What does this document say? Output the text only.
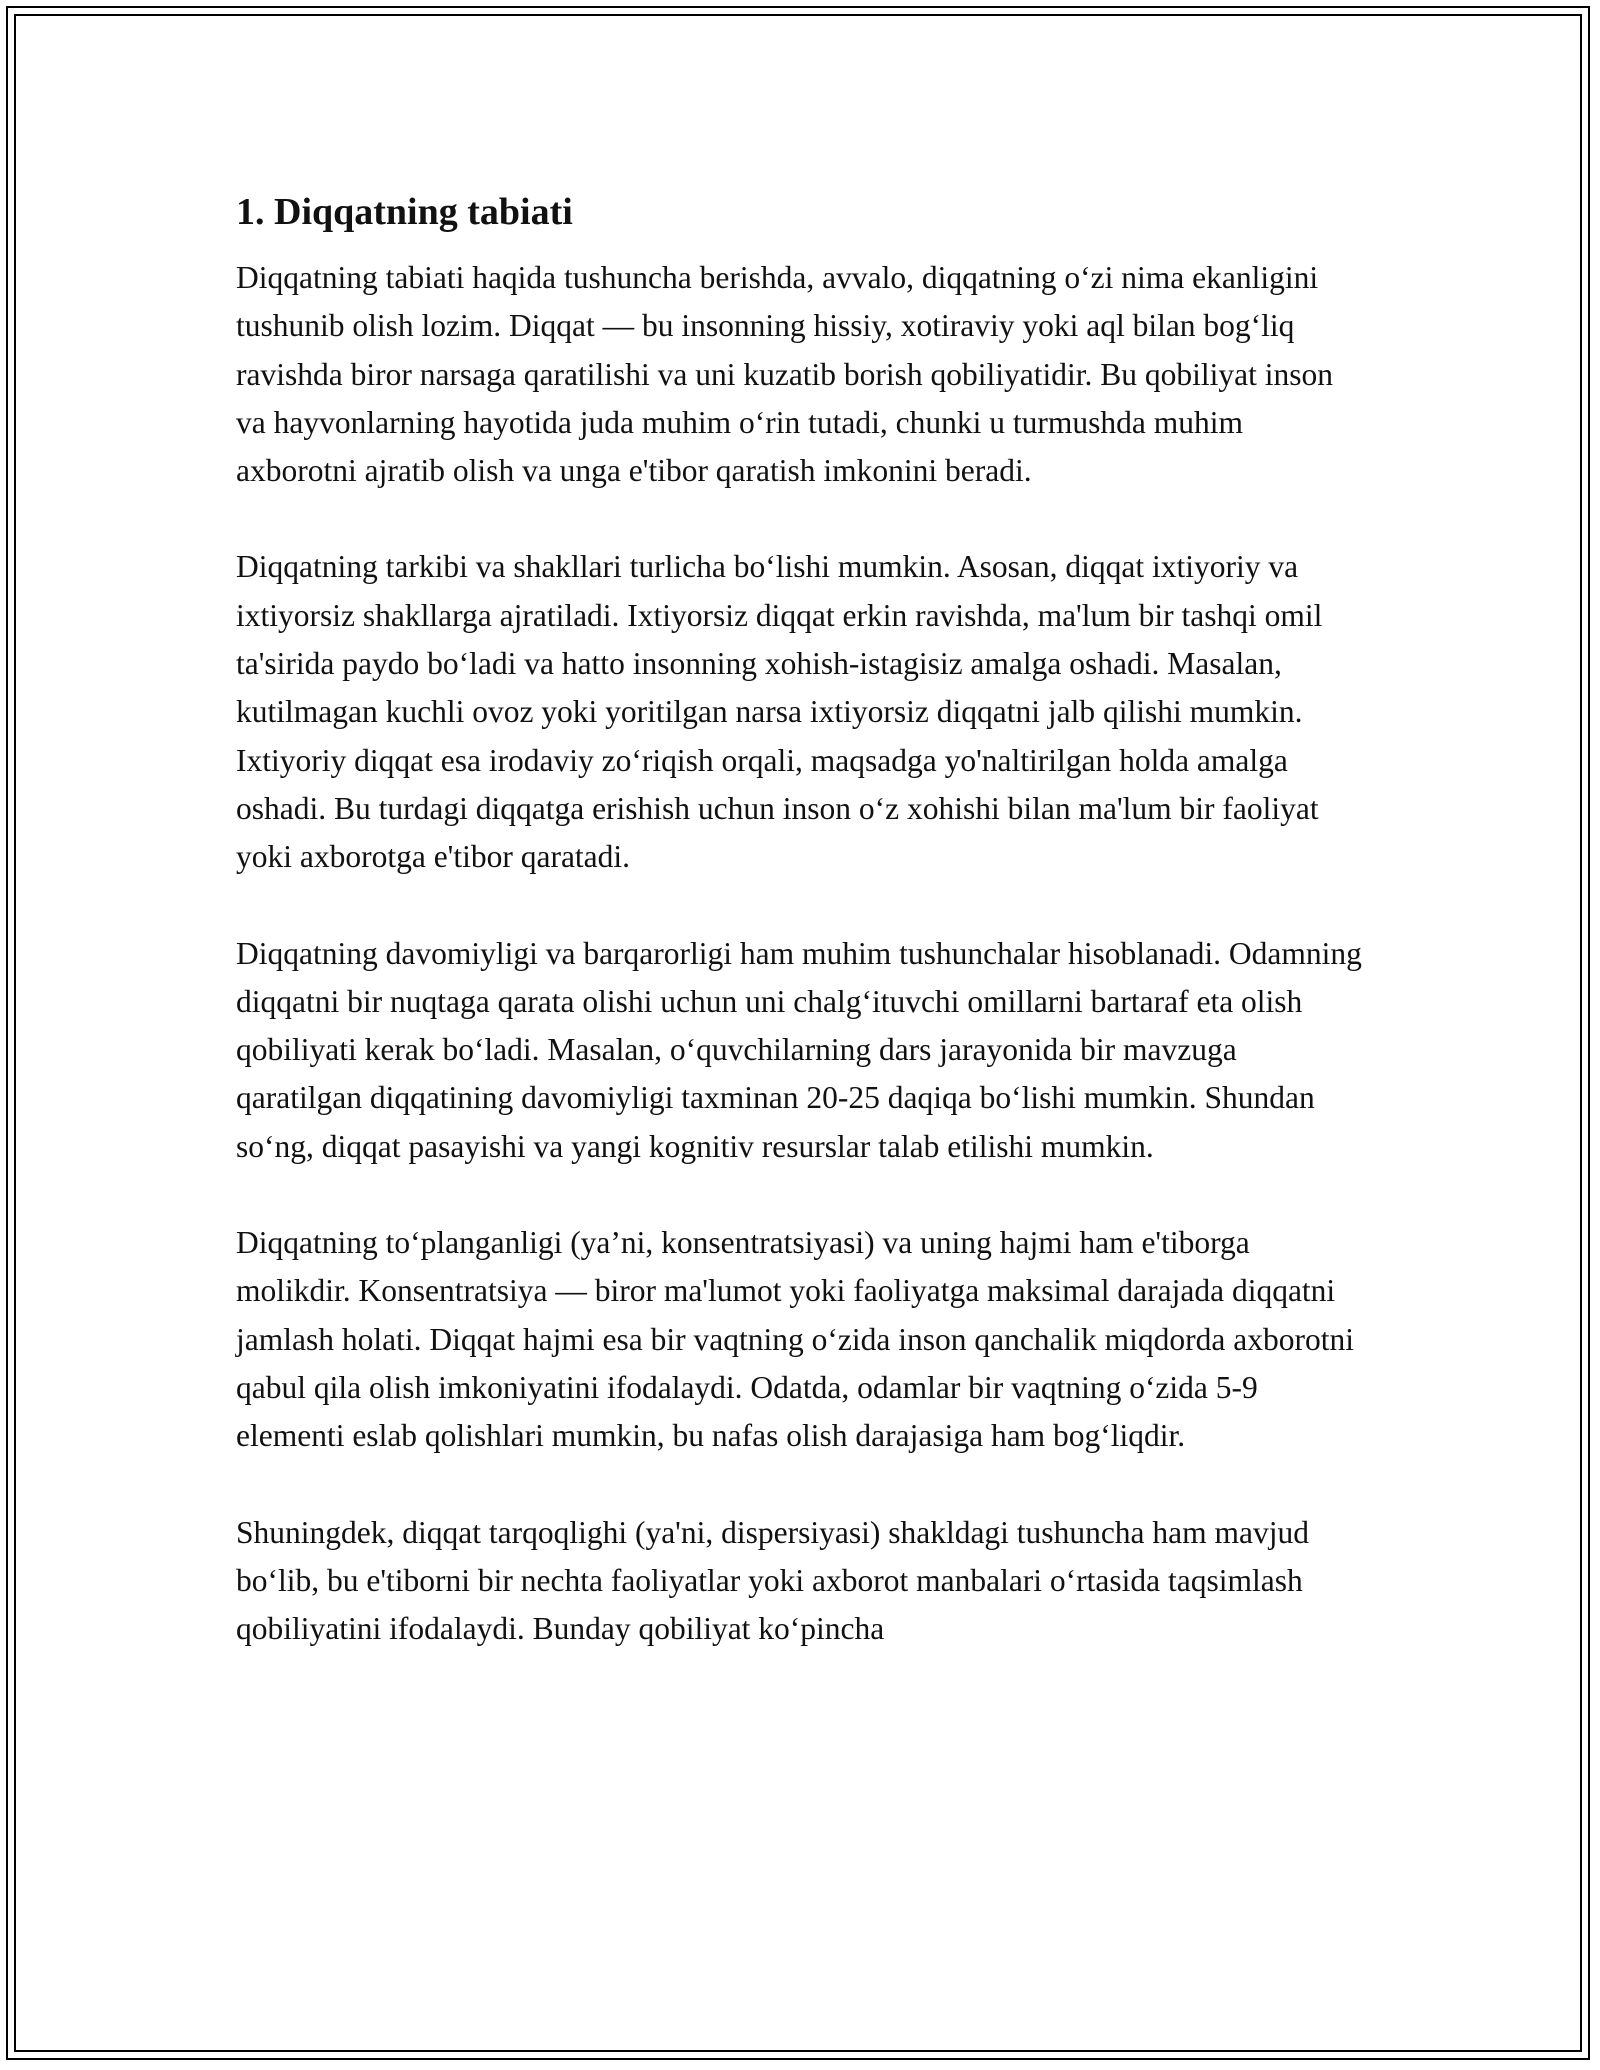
1. Diqqatning tabiati

Diqqatning tabiati haqida tushuncha berishda, avvalo, diqqatning o‘zi nima ekanligini tushunib olish lozim. Diqqat — bu insonning hissiy, xotiraviy yoki aql bilan bog‘liq ravishda biror narsaga qaratilishi va uni kuzatib borish qobiliyatidir. Bu qobiliyat inson va hayvonlarning hayotida juda muhim o‘rin tutadi, chunki u turmushda muhim axborotni ajratib olish va unga e'tibor qaratish imkonini beradi.

Diqqatning tarkibi va shakllari turlicha bo‘lishi mumkin. Asosan, diqqat ixtiyoriy va ixtiyorsiz shakllarga ajratiladi. Ixtiyorsiz diqqat erkin ravishda, ma'lum bir tashqi omil ta'sirida paydo bo‘ladi va hatto insonning xohish-istagisiz amalga oshadi. Masalan, kutilmagan kuchli ovoz yoki yoritilgan narsa ixtiyorsiz diqqatni jalb qilishi mumkin. Ixtiyoriy diqqat esa irodaviy zo‘riqish orqali, maqsadga yo'naltirilgan holda amalga oshadi. Bu turdagi diqqatga erishish uchun inson o‘z xohishi bilan ma'lum bir faoliyat yoki axborotga e'tibor qaratadi.

Diqqatning davomiyligi va barqarorligi ham muhim tushunchalar hisoblanadi. Odamning diqqatni bir nuqtaga qarata olishi uchun uni chalg‘ituvchi omillarni bartaraf eta olish qobiliyati kerak bo‘ladi. Masalan, o‘quvchilarning dars jarayonida bir mavzuga qaratilgan diqqatining davomiyligi taxminan 20-25 daqiqa bo‘lishi mumkin. Shundan so‘ng, diqqat pasayishi va yangi kognitiv resurslar talab etilishi mumkin.

Diqqatning to‘planganligi (ya’ni, konsentratsiyasi) va uning hajmi ham e'tiborga molikdir. Konsentratsiya — biror ma'lumot yoki faoliyatga maksimal darajada diqqatni jamlash holati. Diqqat hajmi esa bir vaqtning o‘zida inson qanchalik miqdorda axborotni qabul qila olish imkoniyatini ifodalaydi. Odatda, odamlar bir vaqtning o‘zida 5-9 elementi eslab qolishlari mumkin, bu nafas olish darajasiga ham bog‘liqdir.

Shuningdek, diqqat tarqoqlighi (ya'ni, dispersiyasi) shakldagi tushuncha ham mavjud bo‘lib, bu e'tiborni bir nechta faoliyatlar yoki axborot manbalari o‘rtasida taqsimlash qobiliyatini ifodalaydi. Bunday qobiliyat ko‘pincha
